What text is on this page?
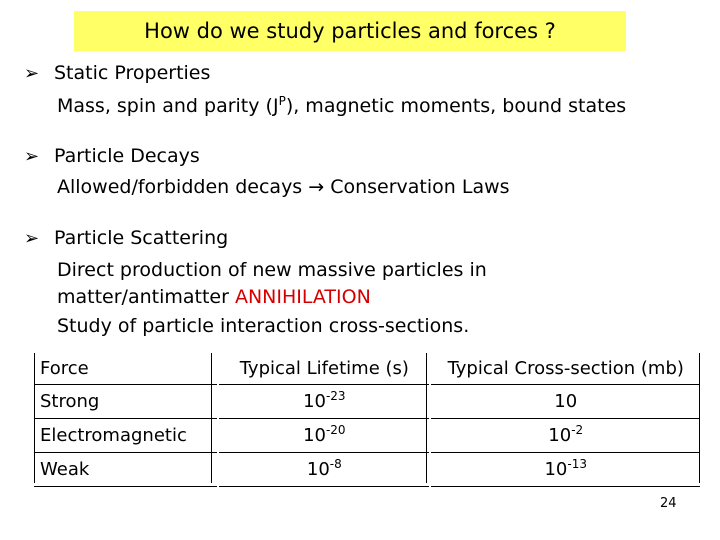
How do we study particles and forces ?
➢ Static Properties
Mass, spin and parity $(J^P)$, magnetic moments, bound states
➢ Particle Decays
Allowed/forbidden decays → Conservation Laws
➢ Particle Scattering
Direct production of new massive particles in
matter/antimatter ANNIHILATION
Study of particle interaction cross-sections.
Force	Typical Lifetime (s)	Typical Cross-section (mb)
Strong	$10^{-23}$	10
Electromagnetic	$10^{-20}$	$10^{-2}$
Weak	$10^{-8}$	$10^{-13}$
24
